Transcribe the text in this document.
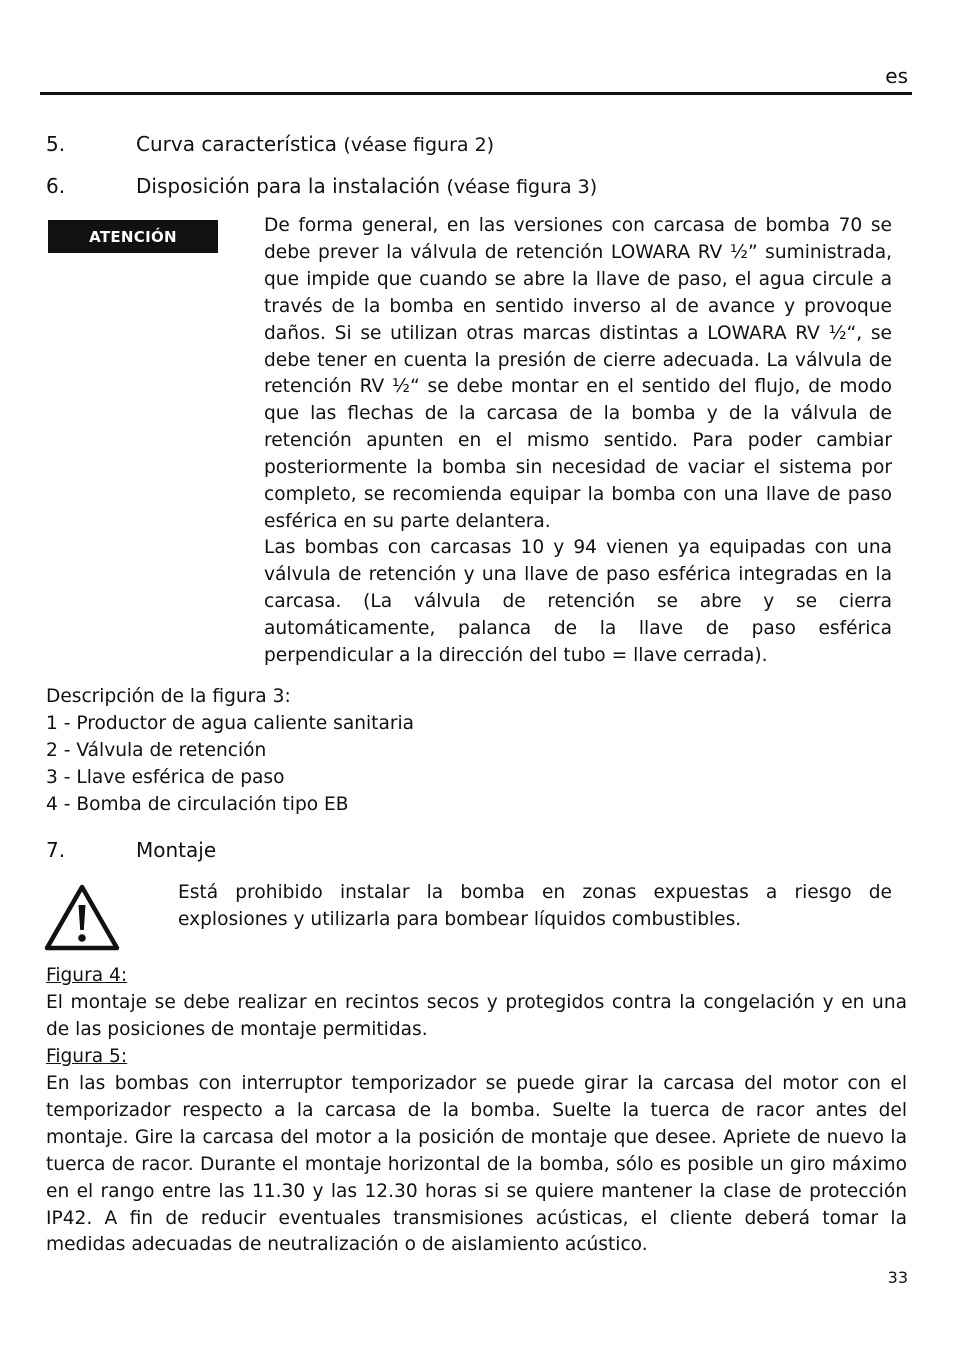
es
5.	Curva característica (véase figura 2)
6.	Disposición para la instalación (véase figura 3)
ATENCIÓN

De forma general, en las versiones con carcasa de bomba 70 se debe prever la válvula de retención LOWARA RV ½” suministrada, que impide que cuando se abre la llave de paso, el agua circule a través de la bomba en sentido inverso al de avance y provoque daños. Si se utilizan otras marcas distintas a LOWARA RV ½“, se debe tener en cuenta la presión de cierre adecuada. La válvula de retención RV ½“ se debe montar en el sentido del flujo, de modo que las flechas de la carcasa de la bomba y de la válvula de retención apunten en el mismo sentido. Para poder cambiar posteriormente la bomba sin necesidad de vaciar el sistema por completo, se recomienda equipar la bomba con una llave de paso esférica en su parte delantera.

Las bombas con carcasas 10 y 94 vienen ya equipadas con una válvula de retención y una llave de paso esférica integradas en la carcasa. (La válvula de retención se abre y se cierra automáticamente, palanca de la llave de paso esférica perpendicular a la dirección del tubo = llave cerrada).

Descripción de la figura 3:
1 - Productor de agua caliente sanitaria
2 - Válvula de retención
3 - Llave esférica de paso
4 - Bomba de circulación tipo EB
7.	Montaje

Está prohibido instalar la bomba en zonas expuestas a riesgo de explosiones y utilizarla para bombear líquidos combustibles.

Figura 4:

El montaje se debe realizar en recintos secos y protegidos contra la congelación y en una de las posiciones de montaje permitidas.

Figura 5:

En las bombas con interruptor temporizador se puede girar la carcasa del motor con el temporizador respecto a la carcasa de la bomba. Suelte la tuerca de racor antes del montaje. Gire la carcasa del motor a la posición de montaje que desee. Apriete de nuevo la tuerca de racor. Durante el montaje horizontal de la bomba, sólo es posible un giro máximo en el rango entre las 11.30 y las 12.30 horas si se quiere mantener la clase de protección IP42. A fin de reducir eventuales transmisiones acústicas, el cliente deberá tomar la medidas adecuadas de neutralización o de aislamiento acústico.

33
